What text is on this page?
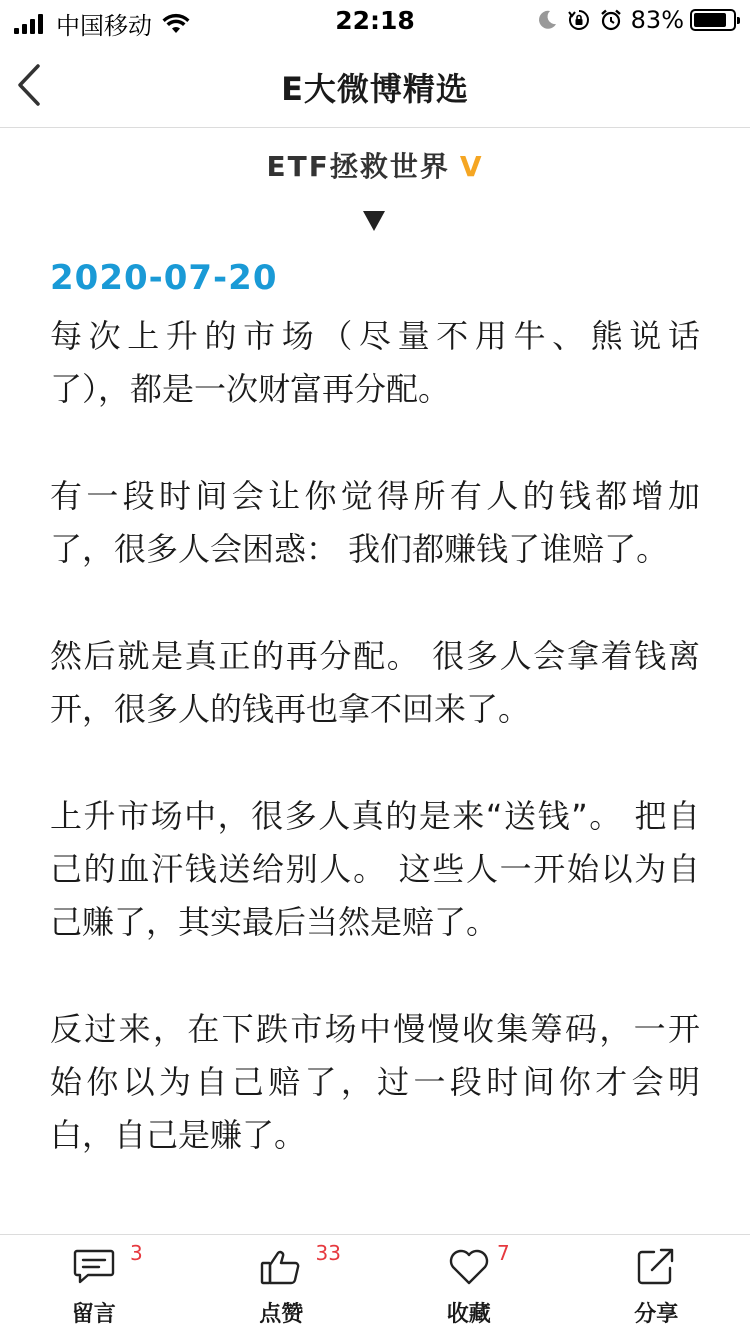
中国移动	22:18	83%
E大微博精选
ETF拯救世界 V
2020-07-20
每次上升的市场（尽量不用牛、熊说话
了），都是一次财富再分配。
有一段时间会让你觉得所有人的钱都增加
了，很多人会困惑： 我们都赚钱了谁赔了。
然后就是真正的再分配。 很多人会拿着钱离
开，很多人的钱再也拿不回来了。
上升市场中，很多人真的是来“送钱”。 把自
己的血汗钱送给别人。 这些人一开始以为自
己赚了，其实最后当然是赔了。
反过来，在下跌市场中慢慢收集筹码，一开
始你以为自己赔了，过一段时间你才会明
白，自己是赚了。
3
留言
33
点赞
7
收藏	分享
